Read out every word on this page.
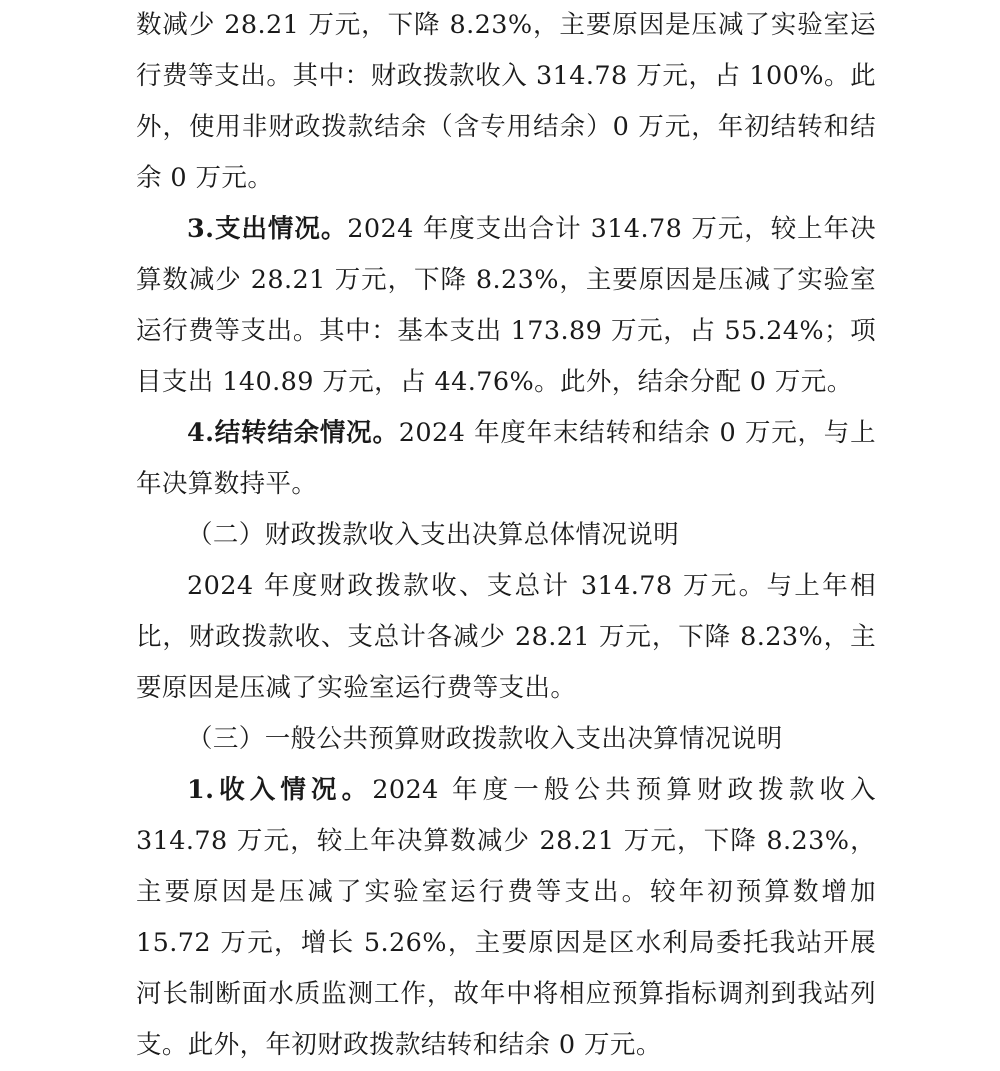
数减少 28.21 万元，下降 8.23%，主要原因是压减了实验室运行费等支出。其中：财政拨款收入 314.78 万元，占 100%。此外，使用非财政拨款结余（含专用结余）0 万元，年初结转和结余 0 万元。

3.支出情况。2024 年度支出合计 314.78 万元，较上年决算数减少 28.21 万元，下降 8.23%，主要原因是压减了实验室运行费等支出。其中：基本支出 173.89 万元，占 55.24%；项目支出 140.89 万元，占 44.76%。此外，结余分配 0 万元。

4.结转结余情况。2024 年度年末结转和结余 0 万元，与上年决算数持平。

（二）财政拨款收入支出决算总体情况说明

2024 年度财政拨款收、支总计 314.78 万元。与上年相比，财政拨款收、支总计各减少 28.21 万元，下降 8.23%，主要原因是压减了实验室运行费等支出。

（三）一般公共预算财政拨款收入支出决算情况说明

1.收入情况。2024 年度一般公共预算财政拨款收入 314.78 万元，较上年决算数减少 28.21 万元，下降 8.23%，主要原因是压减了实验室运行费等支出。较年初预算数增加 15.72 万元，增长 5.26%，主要原因是区水利局委托我站开展河长制断面水质监测工作，故年中将相应预算指标调剂到我站列支。此外，年初财政拨款结转和结余 0 万元。
